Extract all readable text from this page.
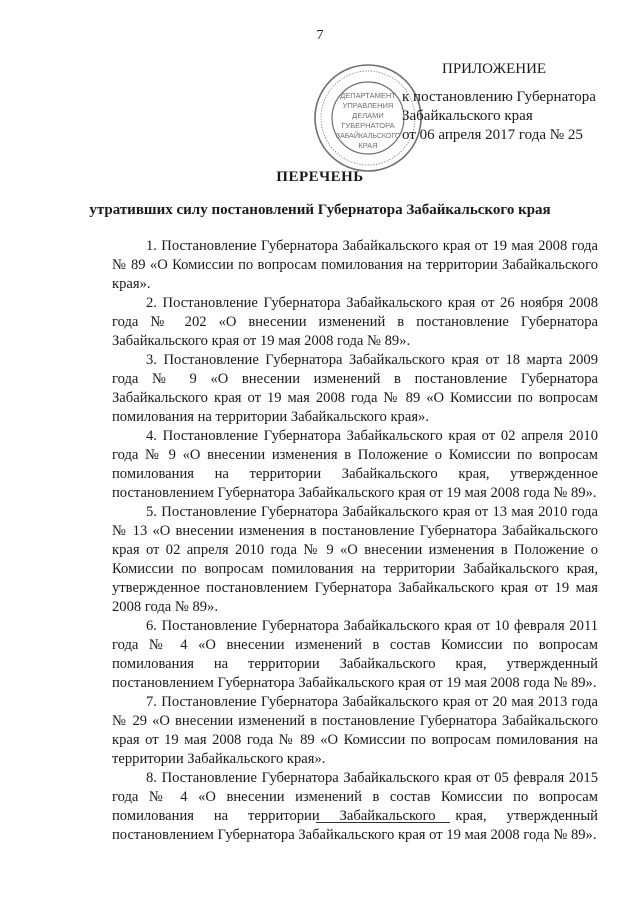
7
ДЕПАРТАМЕНТ
УПРАВЛЕНИЯ
ДЕЛАМИ
ГУБЕРНАТОРА
ЗАБАЙКАЛЬСКОГО
КРАЯ
ПРИЛОЖЕНИЕ
к постановлению Губернатора
Забайкальского края
от 06 апреля 2017 года № 25
ПЕРЕЧЕНЬ
утративших силу постановлений Губернатора Забайкальского края

1. Постановление Губернатора Забайкальского края от 19 мая 2008 года № 89 «О Комиссии по вопросам помилования на территории Забайкальского края».

2. Постановление Губернатора Забайкальского края от 26 ноября 2008 года № 202 «О внесении изменений в постановление Губернатора Забайкальского края от 19 мая 2008 года № 89».

3. Постановление Губернатора Забайкальского края от 18 марта 2009 года № 9 «О внесении изменений в постановление Губернатора Забайкальского края от 19 мая 2008 года № 89 «О Комиссии по вопросам помилования на территории Забайкальского края».

4. Постановление Губернатора Забайкальского края от 02 апреля 2010 года № 9 «О внесении изменения в Положение о Комиссии по вопросам помилования на территории Забайкальского края, утвержденное постановлением Губернатора Забайкальского края от 19 мая 2008 года № 89».

5. Постановление Губернатора Забайкальского края от 13 мая 2010 года № 13 «О внесении изменения в постановление Губернатора Забайкальского края от 02 апреля 2010 года № 9 «О внесении изменения в Положение о Комиссии по вопросам помилования на территории Забайкальского края, утвержденное постановлением Губернатора Забайкальского края от 19 мая 2008 года № 89».

6. Постановление Губернатора Забайкальского края от 10 февраля 2011 года № 4 «О внесении изменений в состав Комиссии по вопросам помилования на территории Забайкальского края, утвержденный постановлением Губернатора Забайкальского края от 19 мая 2008 года № 89».

7. Постановление Губернатора Забайкальского края от 20 мая 2013 года № 29 «О внесении изменений в постановление Губернатора Забайкальского края от 19 мая 2008 года № 89 «О Комиссии по вопросам помилования на территории Забайкальского края».

8. Постановление Губернатора Забайкальского края от 05 февраля 2015 года № 4 «О внесении изменений в состав Комиссии по вопросам помилования на территории Забайкальского края, утвержденный постановлением Губернатора Забайкальского края от 19 мая 2008 года № 89».
